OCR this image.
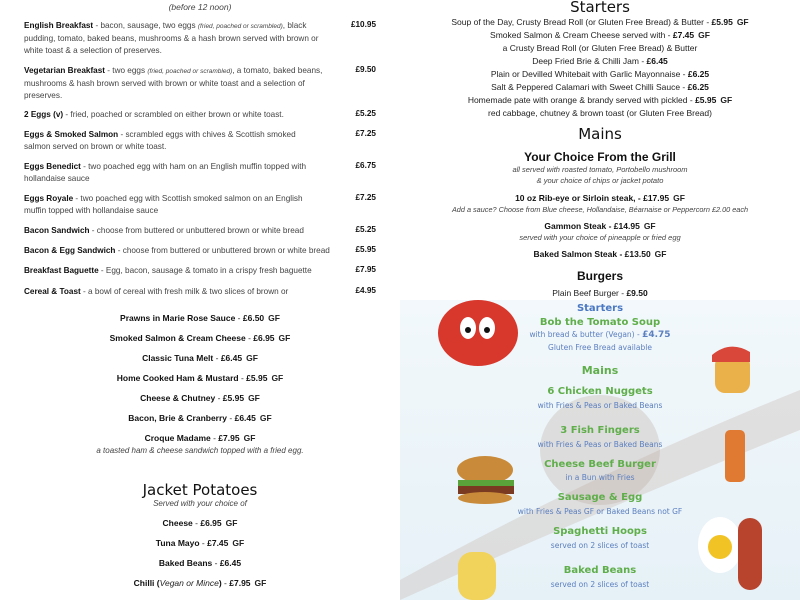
(before 12 noon)
English Breakfast - bacon, sausage, two eggs (fried, poached or scrambled), black pudding, tomato, baked beans, mushrooms & a hash brown served with brown or white toast & a selection of preserves.
£10.95
Vegetarian Breakfast - two eggs (fried, poached or scrambled), a tomato, baked beans, mushrooms & hash brown served with brown or white toast and a selection of preserves.
£9.50
2 Eggs (v) - fried, poached or scrambled on either brown or white toast.	£5.25
Eggs & Smoked Salmon - scrambled eggs with chives & Scottish smoked salmon served on brown or white toast.
£7.25
Eggs Benedict - two poached egg with ham on an English muffin topped with hollandaise sauce
£6.75
Eggs Royale - two poached egg with Scottish smoked salmon on an English muffin topped with hollandaise sauce
£7.25
Bacon Sandwich - choose from buttered or unbuttered brown or white bread	£5.25
Bacon & Egg Sandwich - choose from buttered or unbuttered brown or white bread	£5.95
Breakfast Baguette - Egg, bacon, sausage & tomato in a crispy fresh baguette	£7.95
Cereal & Toast - a bowl of cereal with fresh milk & two slices of brown or	£4.95
Prawns in Marie Rose Sauce - £6.50 GF
Smoked Salmon & Cream Cheese - £6.95 GF
Classic Tuna Melt - £6.45 GF
Home Cooked Ham & Mustard - £5.95 GF
Cheese & Chutney - £5.95 GF
Bacon, Brie & Cranberry - £6.45 GF
Croque Madame - £7.95 GF
a toasted ham & cheese sandwich topped with a fried egg.
Jacket Potatoes
Served with your choice of
Cheese - £6.95 GF
Tuna Mayo - £7.45 GF
Baked Beans - £6.45
Chilli (Vegan or Mince) - £7.95 GF
Starters
Soup of the Day, Crusty Bread Roll (or Gluten Free Bread) & Butter - £5.95 GF
Smoked Salmon & Cream Cheese served with - £7.45 GF
a Crusty Bread Roll (or Gluten Free Bread) & Butter
Deep Fried Brie & Chilli Jam - £6.45
Plain or Devilled Whitebait with Garlic Mayonnaise - £6.25
Salt & Peppered Calamari with Sweet Chilli Sauce - £6.25
Homemade pate with orange & brandy served with pickled - £5.95 GF
red cabbage, chutney & brown toast (or Gluten Free Bread)
Mains
Your Choice From the Grill
all served with roasted tomato, Portobello mushroom
& your choice of chips or jacket potato
10 oz Rib-eye or Sirloin steak, - £17.95 GF
Add a sauce? Choose from Blue cheese, Hollandaise, Béarnaise or Peppercorn £2.00 each
Gammon Steak - £14.95 GF
served with your choice of pineapple or fried egg
Baked Salmon Steak - £13.50 GF
Burgers
Plain Beef Burger - £9.50
Starters
Bob the Tomato Soup
with bread & butter (Vegan) - £4.75
Gluten Free Bread available
Mains
6 Chicken Nuggets
with Fries & Peas or Baked Beans
3 Fish Fingers
with Fries & Peas or Baked Beans
Cheese Beef Burger
in a Bun with Fries
Sausage & Egg
with Fries & Peas GF or Baked Beans not GF
Spaghetti Hoops
served on 2 slices of toast
Baked Beans
served on 2 slices of toast
